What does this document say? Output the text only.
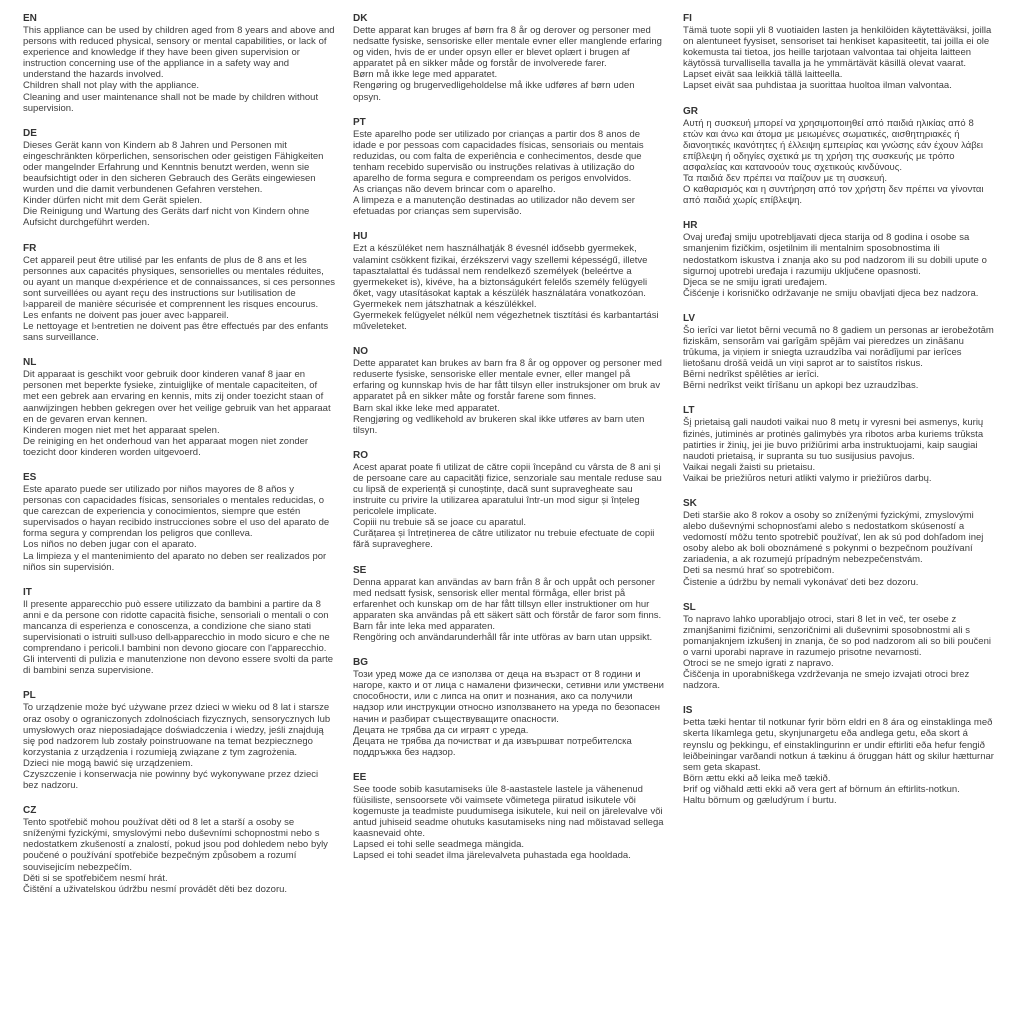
EN

This appliance can be used by children aged from 8 years and above and persons with reduced physical, sensory or mental capabilities, or lack of experience and knowledge if they have been given supervision or instruction concerning use of the appliance in a safety way and understand the hazards involved.

Children shall not play with the appliance.

Cleaning and user maintenance shall not be made by children without supervision.

DE

Dieses Gerät kann von Kindern ab 8 Jahren und Personen mit eingeschränkten körperlichen, sensorischen oder geistigen Fähigkeiten oder mangelnder Erfahrung und Kenntnis benutzt werden, wenn sie beaufsichtigt oder in den sicheren Gebrauch des Geräts eingewiesen wurden und die damit verbundenen Gefahren verstehen.

Kinder dürfen nicht mit dem Gerät spielen.

Die Reinigung und Wartung des Geräts darf nicht von Kindern ohne Aufsicht durchgeführt werden.

FR

Cet appareil peut être utilisé par les enfants de plus de 8 ans et les personnes aux capacités physiques, sensorielles ou mentales réduites, ou ayant un manque d›expérience et de connaissances, si ces personnes sont surveillées ou ayant reçu des instructions sur l›utilisation de l›appareil de manière sécurisée et comprennent les risques encourus.

Les enfants ne doivent pas jouer avec l›appareil.

Le nettoyage et l›entretien ne doivent pas être effectués par des enfants sans surveillance.

NL

Dit apparaat is geschikt voor gebruik door kinderen vanaf 8 jaar en personen met beperkte fysieke, zintuiglijke of mentale capaciteiten, of met een gebrek aan ervaring en kennis, mits zij onder toezicht staan of aanwijzingen hebben gekregen over het veilige gebruik van het apparaat en de gevaren ervan kennen.

Kinderen mogen niet met het apparaat spelen.

De reiniging en het onderhoud van het apparaat mogen niet zonder toezicht door kinderen worden uitgevoerd.

ES

Este aparato puede ser utilizado por niños mayores de 8 años y personas con capacidades físicas, sensoriales o mentales reducidas, o que carezcan de experiencia y conocimientos, siempre que estén supervisados o hayan recibido instrucciones sobre el uso del aparato de forma segura y comprendan los peligros que conlleva.

Los niños no deben jugar con el aparato.

La limpieza y el mantenimiento del aparato no deben ser realizados por niños sin supervisión.

IT

Il presente apparecchio può essere utilizzato da bambini a partire da 8 anni e da persone con ridotte capacità fisiche, sensoriali o mentali o con mancanza di esperienza e conoscenza, a condizione che siano stati supervisionati o istruiti sull›uso dell›apparecchio in modo sicuro e che ne comprendano i pericoli.I bambini non devono giocare con l'apparecchio.

Gli interventi di pulizia e manutenzione non devono essere svolti da parte di bambini senza supervisione.

PL

To urządzenie może być używane przez dzieci w wieku od 8 lat i starsze oraz osoby o ograniczonych zdolnościach fizycznych, sensorycznych lub umysłowych oraz nieposiadające doświadczenia i wiedzy, jeśli znajdują się pod nadzorem lub zostały poinstruowane na temat bezpiecznego korzystania z urządzenia i rozumieją związane z tym zagrożenia.

Dzieci nie mogą bawić się urządzeniem.

Czyszczenie i konserwacja nie powinny być wykonywane przez dzieci bez nadzoru.

CZ

Tento spotřebič mohou používat děti od 8 let a starší a osoby se sníženými fyzickými, smyslovými nebo duševními schopnostmi nebo s nedostatkem zkušeností a znalostí, pokud jsou pod dohledem nebo byly poučené o používání spotřebiče bezpečným způsobem a rozumí souvisejicím nebezpečím.

Děti si se spotřebičem nesmí hrát.

Čištění a uživatelskou údržbu nesmí provádět děti bez dozoru.

DK

Dette apparat kan bruges af børn fra 8 år og derover og personer med nedsatte fysiske, sensoriske eller mentale evner eller manglende erfaring og viden, hvis de er under opsyn eller er blevet oplært i brugen af apparatet på en sikker måde og forstår de involverede farer.

Børn må ikke lege med apparatet.

Rengøring og brugervedligeholdelse må ikke udføres af børn uden opsyn.

PT

Este aparelho pode ser utilizado por crianças a partir dos 8 anos de idade e por pessoas com capacidades físicas, sensoriais ou mentais reduzidas, ou com falta de experiência e conhecimentos, desde que tenham recebido supervisão ou instruções relativas à utilização do aparelho de forma segura e compreendam os perigos envolvidos.

As crianças não devem brincar com o aparelho.

A limpeza e a manutenção destinadas ao utilizador não devem ser efetuadas por crianças sem supervisão.

HU

Ezt a készüléket nem használhatják 8 évesnél idősebb gyermekek, valamint csökkent fizikai, érzékszervi vagy szellemi képességű, illetve tapasztalattal és tudással nem rendelkező személyek (beleértve a gyermekeket is), kivéve, ha a biztonságukért felelős személy felügyeli őket, vagy utasításokat kaptak a készülék használatára vonatkozóan.

Gyermekek nem játszhatnak a készülékkel.

Gyermekek felügyelet nélkül nem végezhetnek tisztítási és karbantartási műveleteket.

NO

Dette apparatet kan brukes av barn fra 8 år og oppover og personer med reduserte fysiske, sensoriske eller mentale evner, eller mangel på erfaring og kunnskap hvis de har fått tilsyn eller instruksjoner om bruk av apparatet på en sikker måte og forstår farene som finnes.

Barn skal ikke leke med apparatet.

Rengjøring og vedlikehold av brukeren skal ikke utføres av barn uten tilsyn.

RO

Acest aparat poate fi utilizat de către copii începând cu vârsta de 8 ani și de persoane care au capacități fizice, senzoriale sau mentale reduse sau cu lipsă de experiență și cunoștințe, dacă sunt supravegheate sau instruite cu privire la utilizarea aparatului într-un mod sigur și înțeleg pericolele implicate.

Copiii nu trebuie să se joace cu aparatul.

Curățarea și întreținerea de către utilizator nu trebuie efectuate de copii fără supraveghere.

SE

Denna apparat kan användas av barn från 8 år och uppåt och personer med nedsatt fysisk, sensorisk eller mental förmåga, eller brist på erfarenhet och kunskap om de har fått tillsyn eller instruktioner om hur apparaten ska användas på ett säkert sätt och förstår de faror som finns.

Barn får inte leka med apparaten.

Rengöring och användarunderhåll får inte utföras av barn utan uppsikt.

BG

Този уред може да се използва от деца на възраст от 8 години и нагоре, както и от лица с намалени физически, сетивни или умствени способности, или с липса на опит и познания, ако са получили надзор или инструкции относно използването на уреда по безопасен начин и разбират съществуващите опасности.

Децата не трябва да си играят с уреда.

Децата не трябва да почистват и да извършват потребителска поддръжка без надзор.

EE

See toode sobib kasutamiseks üle 8-aastastele lastele ja vähenenud füüsiliste, sensoorsete või vaimsete võimetega piiratud isikutele või kogemuste ja teadmiste puudumisega isikutele, kui neil on järelevalve või antud juhiseid seadme ohutuks kasutamiseks ning nad mõistavad sellega kaasnevaid ohte.

Lapsed ei tohi selle seadmega mängida.

Lapsed ei tohi seadet ilma järelevalveta puhastada ega hooldada.

FI

Tämä tuote sopii yli 8 vuotiaiden lasten ja henkilöiden käytettäväksi, joilla on alentuneet fyysiset, sensoriset tai henkiset kapasiteetit, tai joilla ei ole kokemusta tai tietoa, jos heille tarjotaan valvontaa tai ohjeita laitteen käytössä turvallisella tavalla ja he ymmärtävät käsillä olevat vaarat.

Lapset eivät saa leikkiä tällä laitteella.

Lapset eivät saa puhdistaa ja suorittaa huoltoa ilman valvontaa.

GR

Αυτή η συσκευή μπορεί να χρησιμοποιηθεί από παιδιά ηλικίας από 8 ετών και άνω και άτομα με μειωμένες σωματικές, αισθητηριακές ή διανοητικές ικανότητες ή έλλειψη εμπειρίας και γνώσης εάν έχουν λάβει επίβλεψη ή οδηγίες σχετικά με τη χρήση της συσκευής με τρόπο ασφαλείας και κατανοούν τους σχετικούς κινδύνους.

Τα παιδιά δεν πρέπει να παίζουν με τη συσκευή.

Ο καθαρισμός και η συντήρηση από τον χρήστη δεν πρέπει να γίνονται από παιδιά χωρίς επίβλεψη.

HR

Ovaj uređaj smiju upotrebljavati djeca starija od 8 godina i osobe sa smanjenim fizičkim, osjetilnim ili mentalnim sposobnostima ili nedostatkom iskustva i znanja ako su pod nadzorom ili su dobili upute o sigurnoj upotrebi uređaja i razumiju uključene opasnosti.

Djeca se ne smiju igrati uređajem.

Čišćenje i korisničko održavanje ne smiju obavljati djeca bez nadzora.

LV

Šo ierīci var lietot bērni vecumā no 8 gadiem un personas ar ierobežotām fiziskām, sensorām vai garīgām spējām vai pieredzes un zināšanu trūkuma, ja viņiem ir sniegta uzraudzība vai norādījumi par ierīces lietošanu drošā veidā un viņi saprot ar to saistītos riskus.

Bērni nedrīkst spēlēties ar ierīci.

Bērni nedrīkst veikt tīrīšanu un apkopi bez uzraudzības.

LT

Šį prietaisą gali naudoti vaikai nuo 8 metų ir vyresni bei asmenys, kurių fizinės, jutiminės ar protinės galimybės yra ribotos arba kuriems trūksta patirties ir žinių, jei jie buvo prižiūrimi arba instruktuojami, kaip saugiai naudoti prietaisą, ir supranta su tuo susijusius pavojus.

Vaikai negali žaisti su prietaisu.

Vaikai be priežiūros neturi atlikti valymo ir priežiūros darbų.

SK

Deti staršie ako 8 rokov a osoby so zníženými fyzickými, zmyslovými alebo duševnými schopnosťami alebo s nedostatkom skúseností a vedomostí môžu tento spotrebič používať, len ak sú pod dohľadom inej osoby alebo ak boli oboznámené s pokynmi o bezpečnom používaní zariadenia, a ak rozumejú prípadným nebezpečenstvám.

Deti sa nesmú hrať so spotrebičom.

Čistenie a údržbu by nemali vykonávať deti bez dozoru.

SL

To napravo lahko uporabljajo otroci, stari 8 let in več, ter osebe z zmanjšanimi fizičnimi, senzoričnimi ali duševnimi sposobnostmi ali s pomanjaknjem izkušenj in znanja, če so pod nadzorom ali so bili poučeni o varni uporabi naprave in razumejo prisotne nevarnosti.

Otroci se ne smejo igrati z napravo.

Čiščenja in uporabniškega vzdrževanja ne smejo izvajati otroci brez nadzora.

IS

Þetta tæki hentar til notkunar fyrir börn eldri en 8 ára og einstaklinga með skerta líkamlega getu, skynjunargetu eða andlega getu, eða skort á reynslu og þekkingu, ef einstaklingurinn er undir eftirliti eða hefur fengið leiðbeiningar varðandi notkun á tækinu á öruggan hátt og skilur hætturnar sem geta skapast.

Börn ættu ekki að leika með tækið.

Þrif og viðhald ætti ekki að vera gert af börnum án eftirlits-notkun.

Haltu börnum og gæludýrum í burtu.
